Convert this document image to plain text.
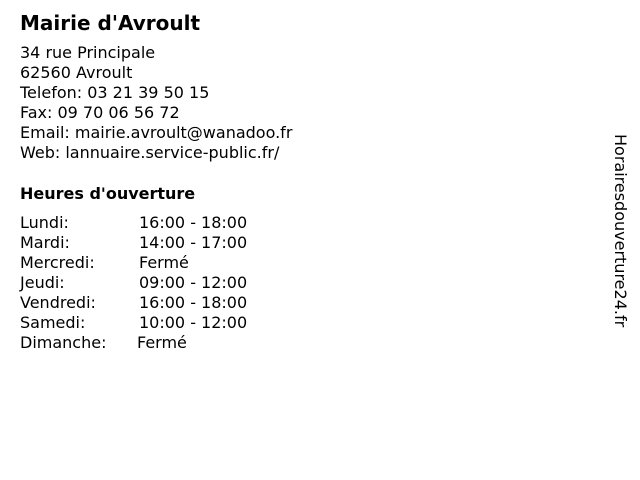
Mairie d'Avroult
34 rue Principale
62560 Avroult
Telefon: 03 21 39 50 15
Fax: 09 70 06 56 72
Email: mairie.avroult@wanadoo.fr
Web: lannuaire.service-public.fr/
Heures d'ouverture
Lundi:	16:00 - 18:00
Mardi:	14:00 - 17:00
Mercredi:	Fermé
Jeudi:	09:00 - 12:00
Vendredi:	16:00 - 18:00
Samedi:	10:00 - 12:00
Dimanche: Fermé
Horairesdouverture24.fr
